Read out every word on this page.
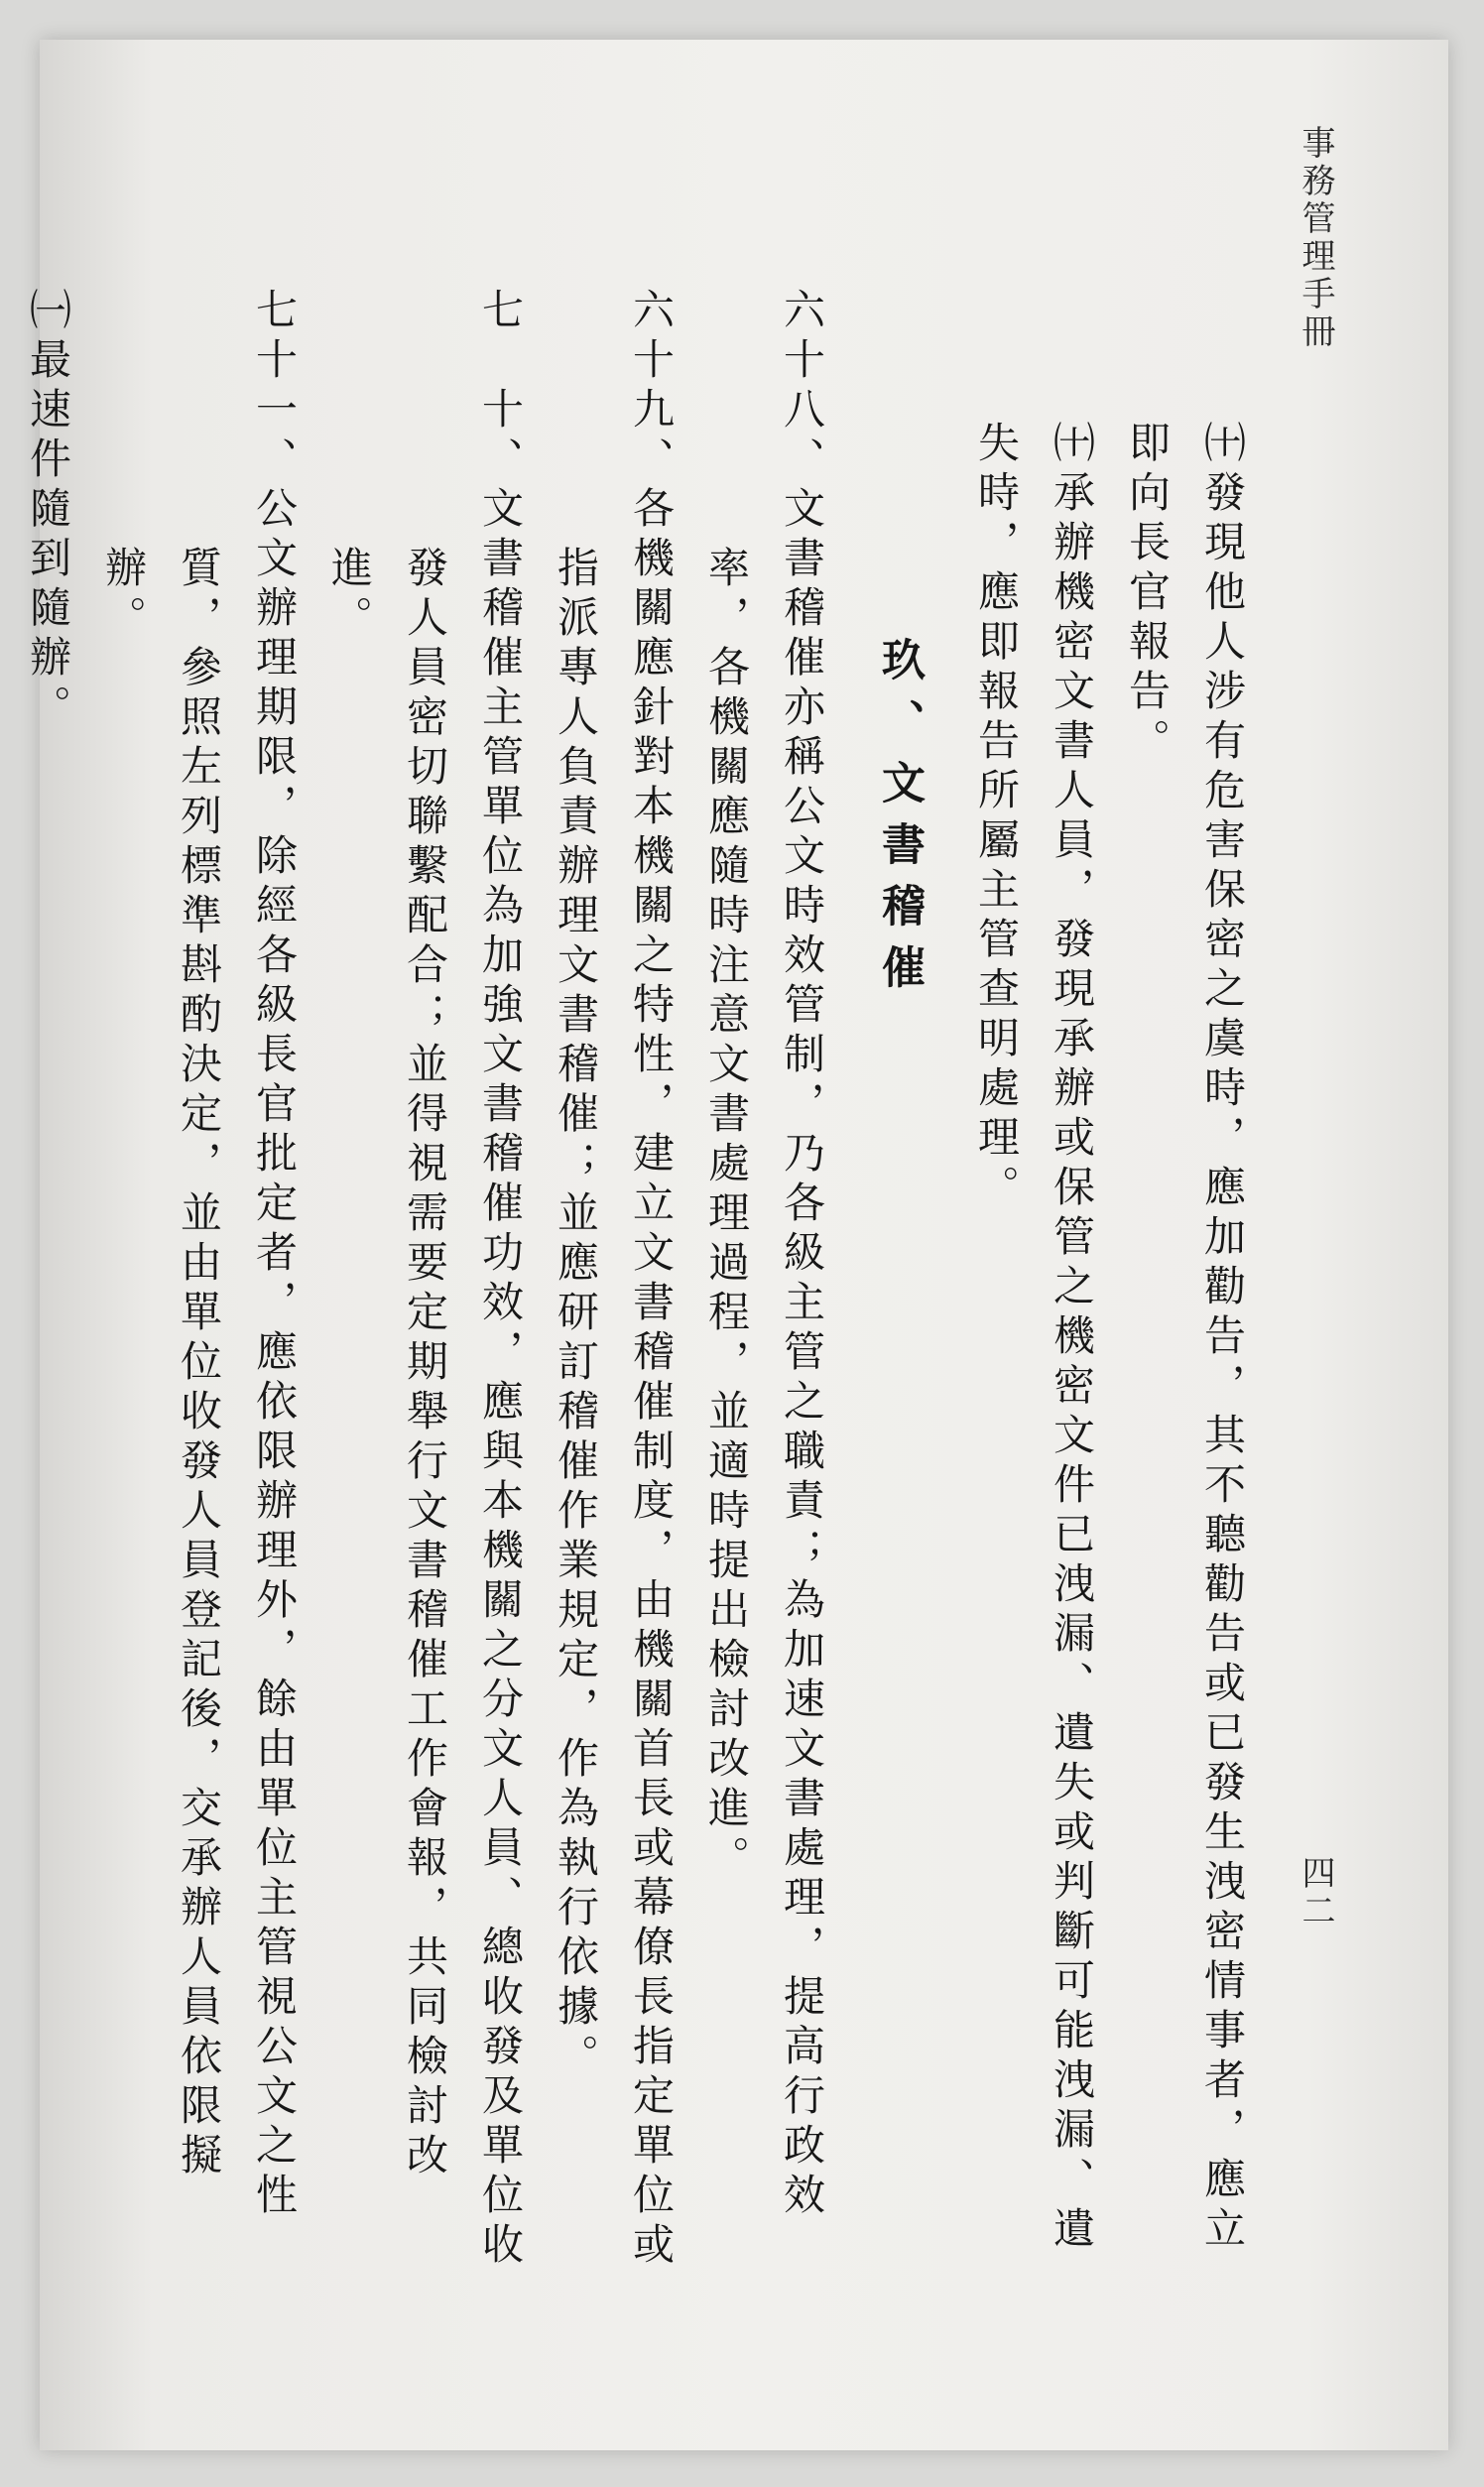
事務管理手冊
四二

㈩發現他人涉有危害保密之虞時，應加勸告，其不聽勸告或已發生洩密情事者，應立即向長官報告。

㈩承辦機密文書人員，發現承辦或保管之機密文件已洩漏、遺失或判斷可能洩漏、遺失時，應即報告所屬主管查明處理。

玖、文書稽催

六十八、文書稽催亦稱公文時效管制，乃各級主管之職責；為加速文書處理，提高行政效率，各機關應隨時注意文書處理過程，並適時提出檢討改進。

六十九、各機關應針對本機關之特性，建立文書稽催制度，由機關首長或幕僚長指定單位或指派專人負責辦理文書稽催；並應研訂稽催作業規定，作為執行依據。

七　十、文書稽催主管單位為加強文書稽催功效，應與本機關之分文人員、總收發及單位收發人員密切聯繫配合；並得視需要定期舉行文書稽催工作會報，共同檢討改進。

七十一、公文辦理期限，除經各級長官批定者，應依限辦理外，餘由單位主管視公文之性質，參照左列標準斟酌決定，並由單位收發人員登記後，交承辦人員依限擬辦。

㈠最速件隨到隨辦。
